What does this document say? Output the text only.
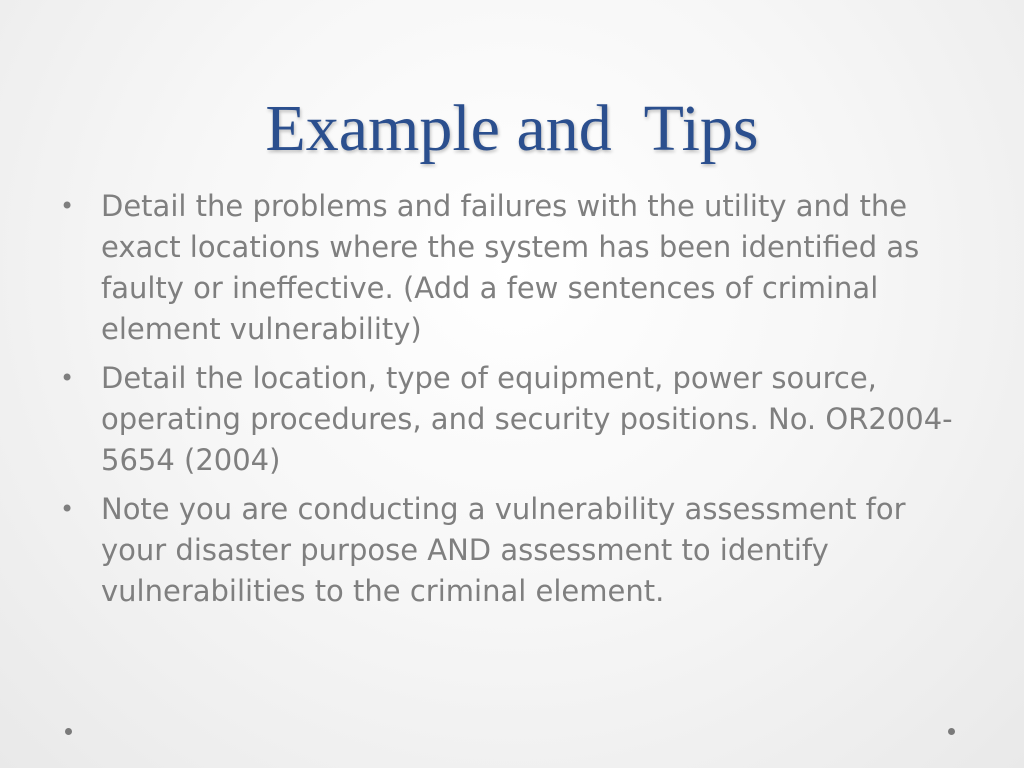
Example and  Tips
• Detail the problems and failures with the utility and the exact locations where the system has been identified as faulty or ineffective. (Add a few sentences of criminal element vulnerability)
• Detail the location, type of equipment, power source, operating procedures, and security positions. No. OR2004-5654 (2004)
• Note you are conducting a vulnerability assessment for your disaster purpose AND assessment to identify vulnerabilities to the criminal element.
